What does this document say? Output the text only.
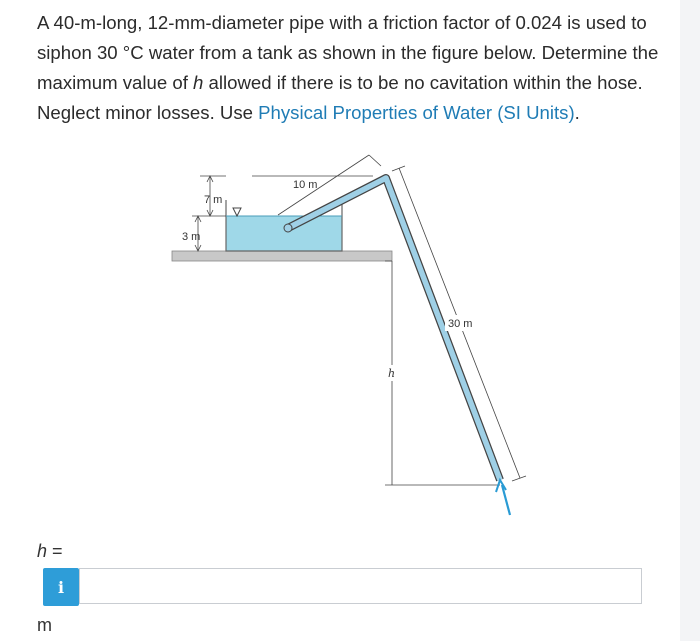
A 40-m-long, 12-mm-diameter pipe with a friction factor of 0.024 is used to
siphon 30 °C water from a tank as shown in the figure below. Determine the
maximum value of h allowed if there is to be no cavitation within the hose.
Neglect minor losses. Use Physical Properties of Water (SI Units).
7 m
3 m
10 m
30 m
h
h =
i
m
